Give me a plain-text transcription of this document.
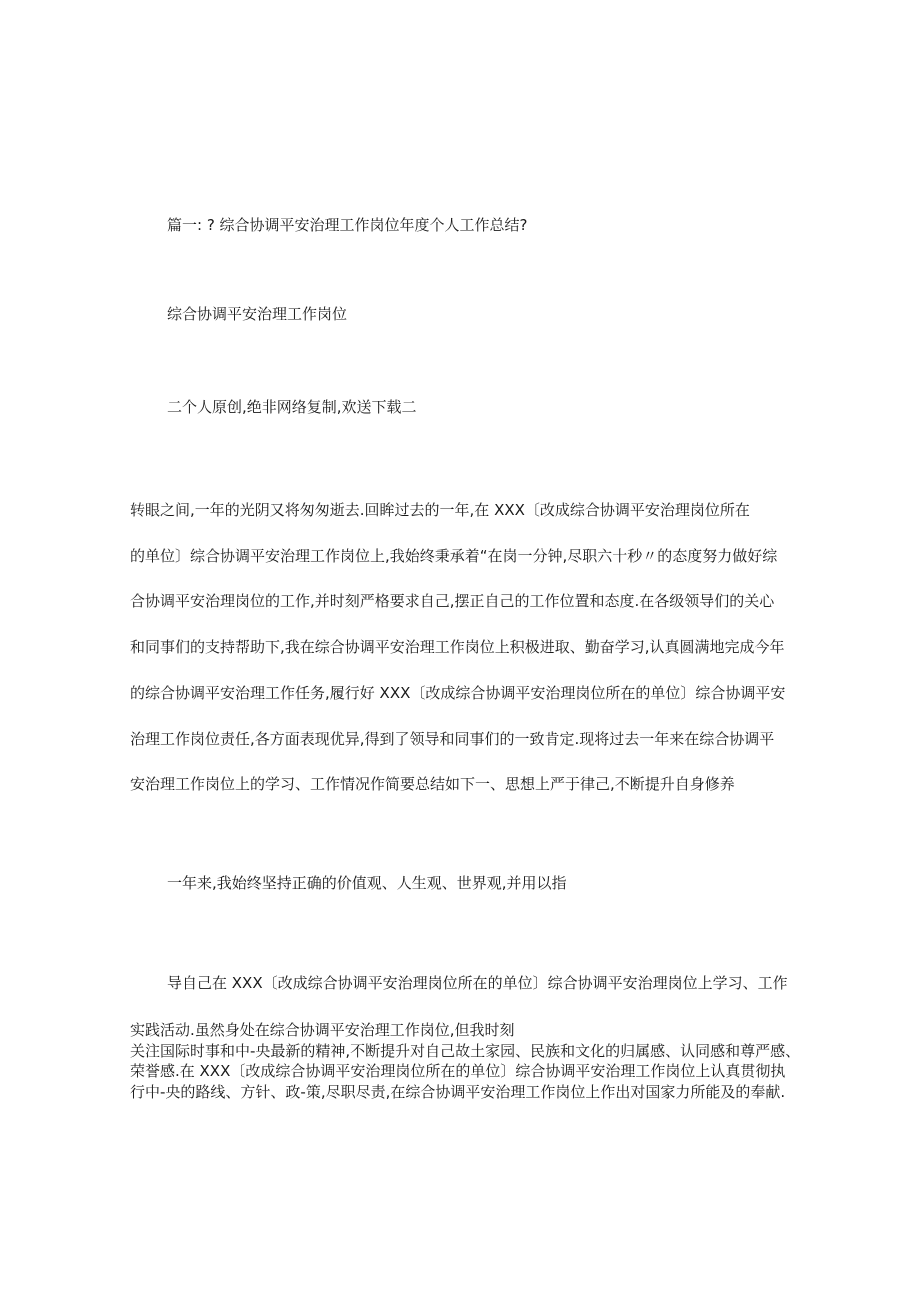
篇一: ? 综合协调平安治理工作岗位年度个人工作总结?

综合协调平安治理工作岗位

二个人原创,绝非网络复制,欢送下载二

转眼之间,一年的光阴又将匆匆逝去.回眸过去的一年,在 XXX〔改成综合协调平安治理岗位所在
的单位〕综合协调平安治理工作岗位上,我始终秉承着“在岗一分钟,尽职六十秒〃的态度努力做好综
合协调平安治理岗位的工作,并时刻严格要求自己,摆正自己的工作位置和态度.在各级领导们的关心
和同事们的支持帮助下,我在综合协调平安治理工作岗位上积极进取、勤奋学习,认真圆满地完成今年
的综合协调平安治理工作任务,履行好 XXX〔改成综合协调平安治理岗位所在的单位〕综合协调平安
治理工作岗位责任,各方面表现优异,得到了领导和同事们的一致肯定.现将过去一年来在综合协调平
安治理工作岗位上的学习、工作情况作简要总结如下一、思想上严于律己,不断提升自身修养

一年来,我始终坚持正确的价值观、人生观、世界观,并用以指

导自己在 XXX〔改成综合协调平安治理岗位所在的单位〕综合协调平安治理岗位上学习、工作

实践活动.虽然身处在综合协调平安治理工作岗位,但我时刻
关注国际时事和中-央最新的精神,不断提升对自己故土家园、民族和文化的归属感、认同感和尊严感、
荣誉感.在 XXX〔改成综合协调平安治理岗位所在的单位〕综合协调平安治理工作岗位上认真贯彻执
行中-央的路线、方针、政-策,尽职尽责,在综合协调平安治理工作岗位上作出对国家力所能及的奉献.
